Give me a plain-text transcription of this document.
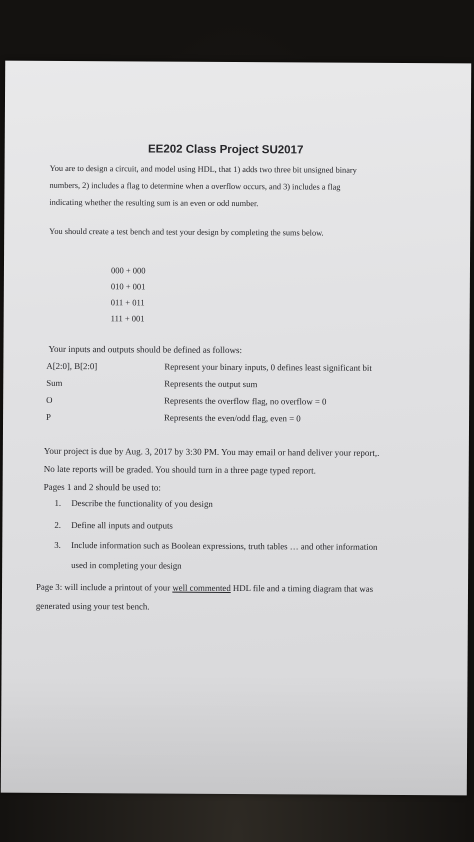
EE202 Class Project SU2017
You are to design a circuit, and model using HDL, that 1) adds two three bit unsigned binary
numbers, 2) includes a flag to determine when a overflow occurs, and 3) includes a flag
indicating whether the resulting sum is an even or odd number.
You should create a test bench and test your design by completing the sums below.
000 + 000
010 + 001
011 + 011
111 + 001
Your inputs and outputs should be defined as follows:
A[2:0], B[2:0]	Represent your binary inputs, 0 defines least significant bit
Sum	Represents the output sum
O	Represents the overflow flag, no overflow = 0
P	Represents the even/odd flag, even = 0
Your project is due by Aug. 3, 2017 by 3:30 PM. You may email or hand deliver your report,.
No late reports will be graded. You should turn in a three page typed report.
Pages 1 and 2 should be used to:
1. Describe the functionality of you design
2. Define all inputs and outputs
3. Include information such as Boolean expressions, truth tables … and other information
used in completing your design
Page 3: will include a printout of your well commented HDL file and a timing diagram that was
generated using your test bench.
